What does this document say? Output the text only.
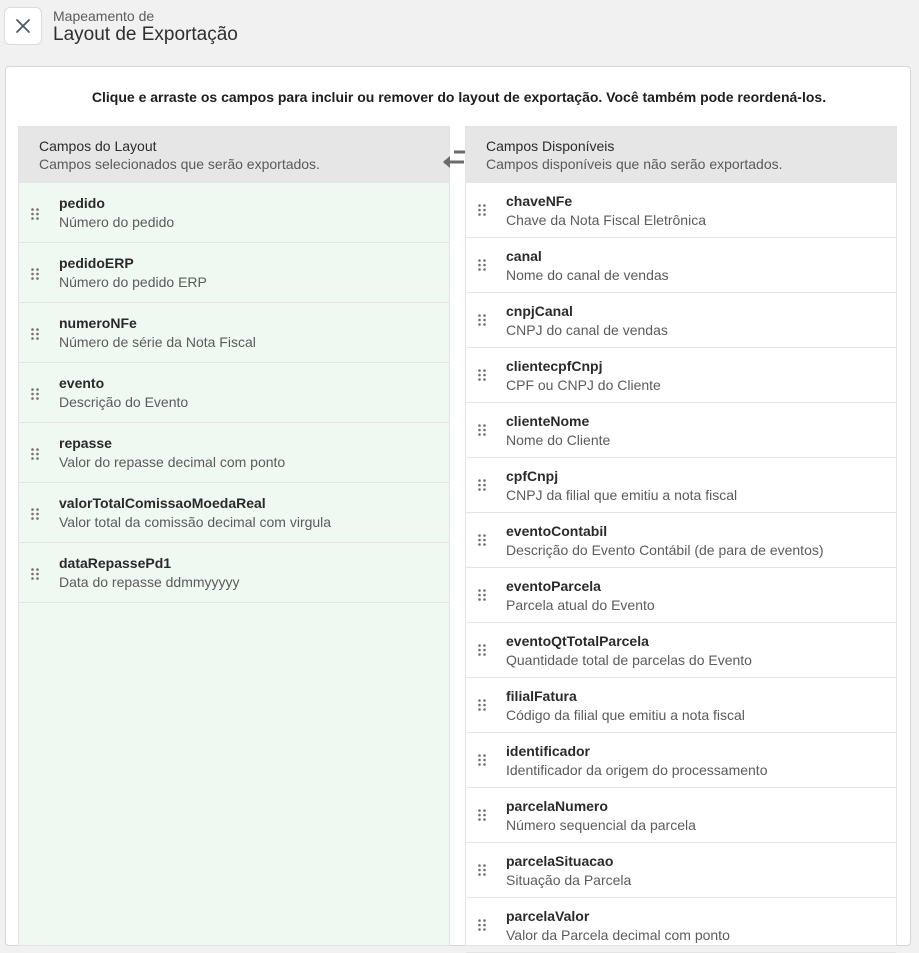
Mapeamento de
Layout de Exportação
Clique e arraste os campos para incluir ou remover do layout de exportação. Você também pode reordená-los.
Campos do Layout
Campos selecionados que serão exportados.
pedido
Número do pedido
pedidoERP
Número do pedido ERP
numeroNFe
Número de série da Nota Fiscal
evento
Descrição do Evento
repasse
Valor do repasse decimal com ponto
valorTotalComissaoMoedaReal
Valor total da comissão decimal com virgula
dataRepassePd1
Data do repasse ddmmyyyyy
Campos Disponíveis
Campos disponíveis que não serão exportados.
chaveNFe
Chave da Nota Fiscal Eletrônica
canal
Nome do canal de vendas
cnpjCanal
CNPJ do canal de vendas
clientecpfCnpj
CPF ou CNPJ do Cliente
clienteNome
Nome do Cliente
cpfCnpj
CNPJ da filial que emitiu a nota fiscal
eventoContabil
Descrição do Evento Contábil (de para de eventos)
eventoParcela
Parcela atual do Evento
eventoQtTotalParcela
Quantidade total de parcelas do Evento
filialFatura
Código da filial que emitiu a nota fiscal
identificador
Identificador da origem do processamento
parcelaNumero
Número sequencial da parcela
parcelaSituacao
Situação da Parcela
parcelaValor
Valor da Parcela decimal com ponto
